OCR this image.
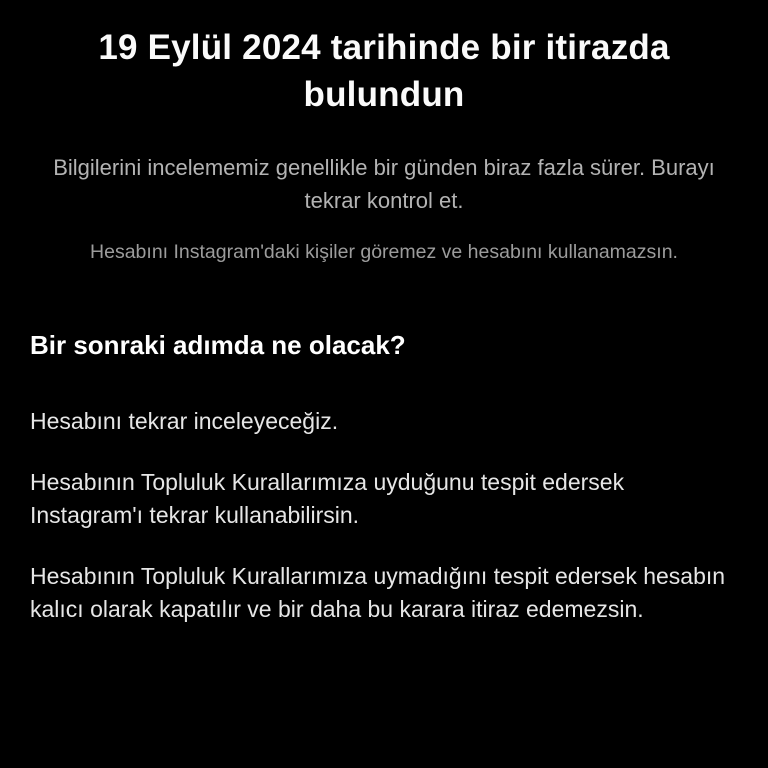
19 Eylül 2024 tarihinde bir itirazda bulundun

Bilgilerini incelememiz genellikle bir günden biraz fazla sürer. Burayı tekrar kontrol et.

Hesabını Instagram'daki kişiler göremez ve hesabını kullanamazsın.

Bir sonraki adımda ne olacak?

Hesabını tekrar inceleyeceğiz.

Hesabının Topluluk Kurallarımıza uyduğunu tespit edersek Instagram'ı tekrar kullanabilirsin.

Hesabının Topluluk Kurallarımıza uymadığını tespit edersek hesabın kalıcı olarak kapatılır ve bir daha bu karara itiraz edemezsin.
